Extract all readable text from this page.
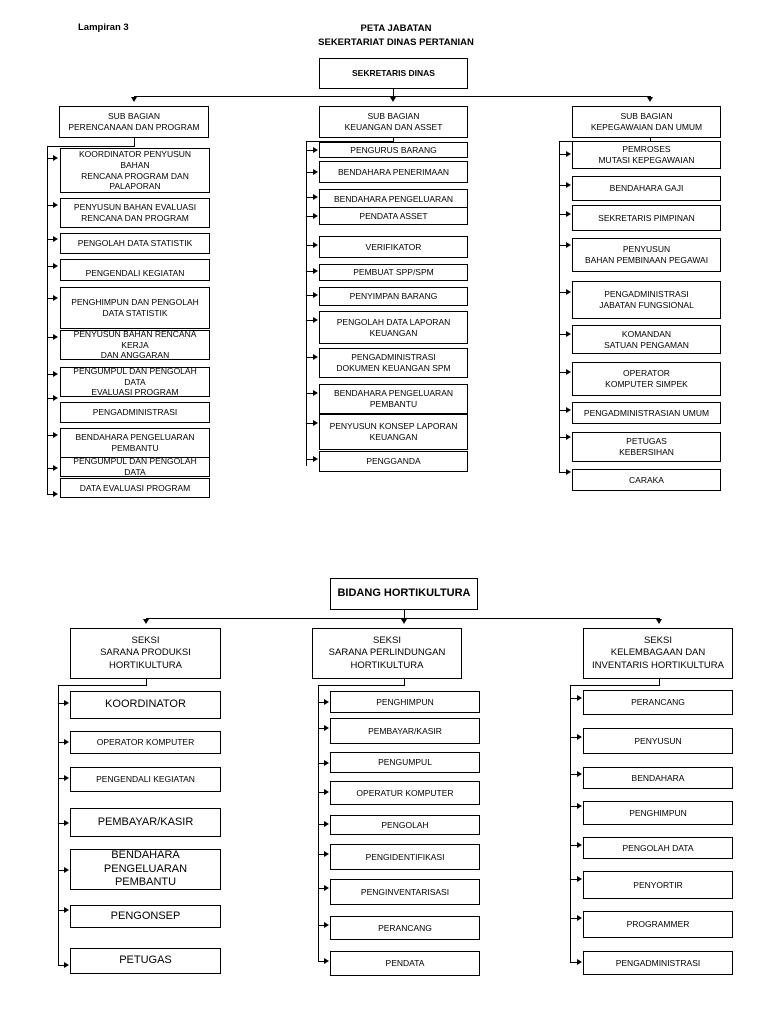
Lampiran 3	PETA JABATAN
SEKERTARIAT DINAS PERTANIAN
SEKRETARIS DINAS
SUB BAGIAN
PERENCANAAN DAN PROGRAM
SUB BAGIAN
KEUANGAN DAN ASSET
SUB BAGIAN
KEPEGAWAIAN DAN UMUM
KOORDINATOR PENYUSUN BAHAN
RENCANA PROGRAM DAN
PALAPORAN
PENYUSUN BAHAN EVALUASI
RENCANA DAN PROGRAM
PENGOLAH DATA STATISTIK
PENGENDALI KEGIATAN
PENGHIMPUN DAN PENGOLAH
DATA STATISTIK
PENYUSUN BAHAN RENCANA KERJA
DAN ANGGARAN
PENGUMPUL DAN PENGOLAH DATA
EVALUASI PROGRAM
PENGADMINISTRASI
BENDAHARA PENGELUARAN
PEMBANTU
PENGUMPUL DAN PENGOLAH DATA
DATA EVALUASI PROGRAM
PENGURUS BARANG
BENDAHARA PENERIMAAN
BENDAHARA PENGELUARAN
PENDATA ASSET
VERIFIKATOR
PEMBUAT SPP/SPM
PENYIMPAN BARANG
PENGOLAH DATA LAPORAN
KEUANGAN
PENGADMINISTRASI
DOKUMEN KEUANGAN SPM
BENDAHARA PENGELUARAN
PEMBANTU
PENYUSUN KONSEP LAPORAN
KEUANGAN
PENGGANDA
PEMROSES
MUTASI KEPEGAWAIAN
BENDAHARA GAJI
SEKRETARIS PIMPINAN
PENYUSUN
BAHAN PEMBINAAN PEGAWAI
PENGADMINISTRASI
JABATAN FUNGSIONAL
KOMANDAN
SATUAN PENGAMAN
OPERATOR
KOMPUTER SIMPEK
PENGADMINISTRASIAN UMUM
PETUGAS
KEBERSIHAN
CARAKA
BIDANG HORTIKULTURA
SEKSI
SARANA PRODUKSI
HORTIKULTURA
SEKSI
SARANA PERLINDUNGAN
HORTIKULTURA
SEKSI
KELEMBAGAAN DAN
INVENTARIS HORTIKULTURA
KOORDINATOR
OPERATOR KOMPUTER
PENGENDALI KEGIATAN
PEMBAYAR/KASIR
BENDAHARA
PENGELUARAN PEMBANTU
PENGONSEP
PETUGAS
PENGHIMPUN
PEMBAYAR/KASIR
PENGUMPUL
OPERATUR KOMPUTER
PENGOLAH
PENGIDENTIFIKASI
PENGINVENTARISASI
PERANCANG
PENDATA
PERANCANG
PENYUSUN
BENDAHARA
PENGHIMPUN
PENGOLAH DATA
PENYORTIR
PROGRAMMER
PENGADMINISTRASI
